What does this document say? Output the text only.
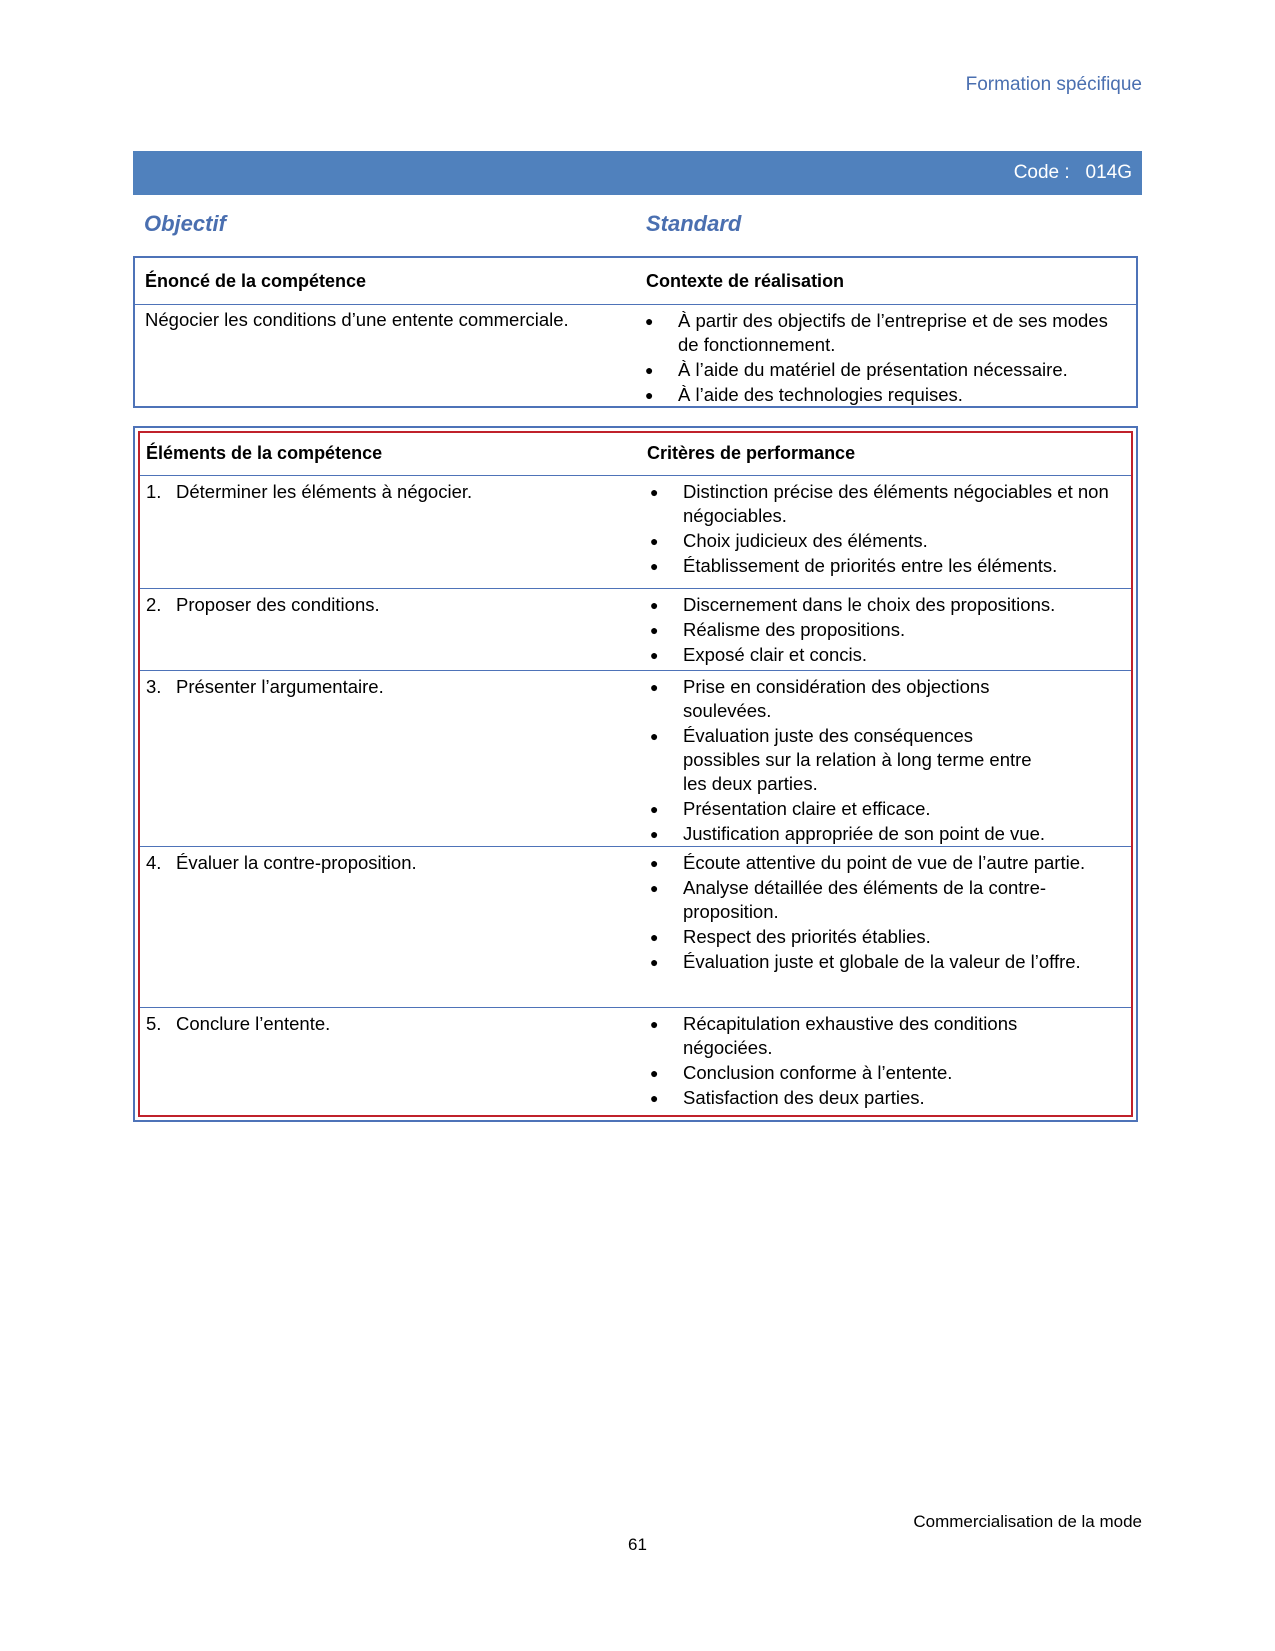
Formation spécifique
Code :   014G
Objectif	Standard
Énoncé de la compétence	Contexte de réalisation
Négocier les conditions d’une entente commerciale.	● À partir des objectifs de l’entreprise et de ses modes de fonctionnement.
● À l’aide du matériel de présentation nécessaire.
● À l’aide des technologies requises.
Éléments de la compétence	Critères de performance
1. Déterminer les éléments à négocier.	● Distinction précise des éléments négociables et non négociables.
● Choix judicieux des éléments.
● Établissement de priorités entre les éléments.
2. Proposer des conditions.	● Discernement dans le choix des propositions.
● Réalisme des propositions.
● Exposé clair et concis.
3. Présenter l’argumentaire.	● Prise en considération des objections soulevées.
● Évaluation juste des conséquences possibles sur la relation à long terme entre les deux parties.
● Présentation claire et efficace.
● Justification appropriée de son point de vue.
4. Évaluer la contre-proposition.	● Écoute attentive du point de vue de l’autre partie.
● Analyse détaillée des éléments de la contre-proposition.
● Respect des priorités établies.
● Évaluation juste et globale de la valeur de l’offre.
5. Conclure l’entente.	● Récapitulation exhaustive des conditions négociées.
● Conclusion conforme à l’entente.
● Satisfaction des deux parties.
Commercialisation de la mode
61
